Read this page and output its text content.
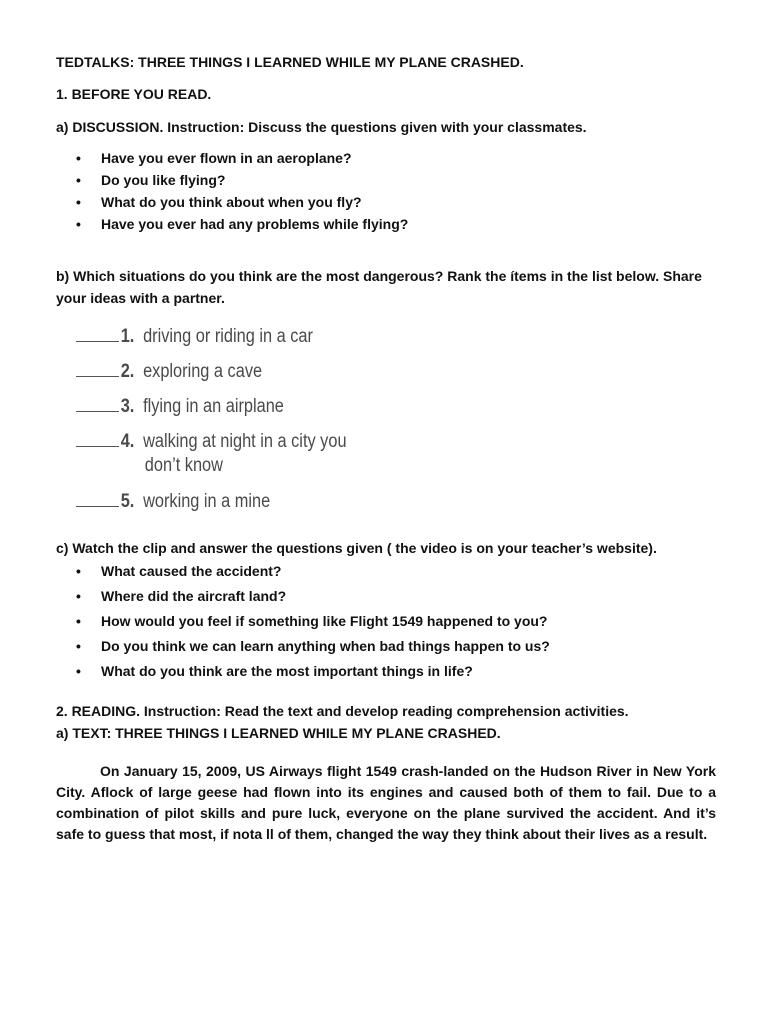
TEDTALKS: THREE THINGS I LEARNED WHILE MY PLANE CRASHED.

1. BEFORE YOU READ.

a) DISCUSSION. Instruction: Discuss the questions given with your classmates.

• Have you ever flown in an aeroplane?
• Do you like flying?
• What do you think about when you fly?
• Have you ever had any problems while flying?

b) Which situations do you think are the most dangerous? Rank the ítems in the list below. Share your ideas with a partner.

1. driving or riding in a car
2. exploring a cave
3. flying in an airplane
4. walking at night in a city you
don’t know
5. working in a mine

c) Watch the clip and answer the questions given ( the video is on your teacher’s website).

• What caused the accident?
• Where did the aircraft land?
• How would you feel if something like Flight 1549 happened to you?
• Do you think we can learn anything when bad things happen to us?
• What do you think are the most important things in life?

2. READING. Instruction: Read the text and develop reading comprehension activities.

a) TEXT: THREE THINGS I LEARNED WHILE MY PLANE CRASHED.

On January 15, 2009, US Airways flight 1549 crash-landed on the Hudson River in New York City. Aflock of large geese had flown into its engines and caused both of them to fail. Due to a combination of pilot skills and pure luck, everyone on the plane survived the accident. And it’s safe to guess that most, if nota ll of them, changed the way they think about their lives as a result.
